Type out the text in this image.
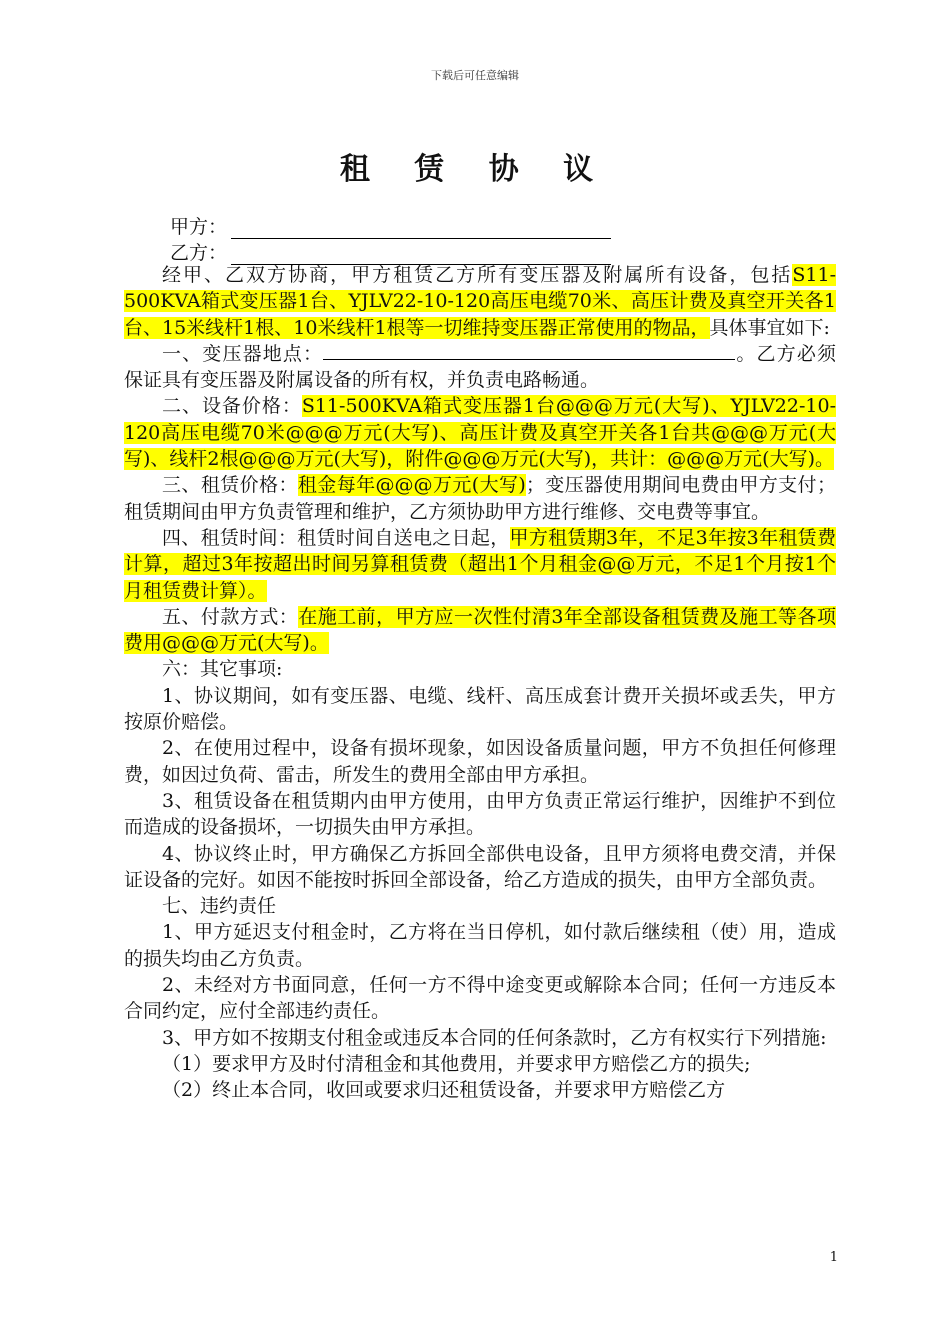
下载后可任意编辑
租 赁 协 议
甲方：
乙方：

经甲、乙双方协商，甲方租赁乙方所有变压器及附属所有设备，包括S11-500KVA箱式变压器1台、YJLV22-10-120高压电缆70米、高压计费及真空开关各1台、15米线杆1根、10米线杆1根等一切维持变压器正常使用的物品，具体事宜如下:

一、变压器地点：	。乙方必须保证具有变压器及附属设备的所有权，并负责电路畅通。

二、设备价格：S11-500KVA箱式变压器1台@@@万元(大写)、YJLV22-10-120高压电缆70米@@@万元(大写)、高压计费及真空开关各1台共@@@万元(大写)、线杆2根@@@万元(大写)，附件@@@万元(大写)，共计：@@@万元(大写)。

三、租赁价格：租金每年@@@万元(大写)；变压器使用期间电费由甲方支付；租赁期间由甲方负责管理和维护，乙方须协助甲方进行维修、交电费等事宜。

四、租赁时间：租赁时间自送电之日起，甲方租赁期3年，不足3年按3年租赁费计算，超过3年按超出时间另算租赁费（超出1个月租金@@万元，不足1个月按1个月租赁费计算）。

五、付款方式：在施工前，甲方应一次性付清3年全部设备租赁费及施工等各项费用@@@万元(大写)。

六：其它事项:

1、协议期间，如有变压器、电缆、线杆、高压成套计费开关损坏或丢失，甲方按原价赔偿。

2、在使用过程中，设备有损坏现象，如因设备质量问题，甲方不负担任何修理费，如因过负荷、雷击，所发生的费用全部由甲方承担。

3、租赁设备在租赁期内由甲方使用，由甲方负责正常运行维护，因维护不到位而造成的设备损坏，一切损失由甲方承担。

4、协议终止时，甲方确保乙方拆回全部供电设备，且甲方须将电费交清，并保证设备的完好。如因不能按时拆回全部设备，给乙方造成的损失，由甲方全部负责。

七、违约责任

1、甲方延迟支付租金时，乙方将在当日停机，如付款后继续租（使）用，造成的损失均由乙方负责。

2、未经对方书面同意，任何一方不得中途变更或解除本合同；任何一方违反本合同约定，应付全部违约责任。

3、甲方如不按期支付租金或违反本合同的任何条款时，乙方有权实行下列措施:

（1）要求甲方及时付清租金和其他费用，并要求甲方赔偿乙方的损失;

（2）终止本合同，收回或要求归还租赁设备，并要求甲方赔偿乙方

1
